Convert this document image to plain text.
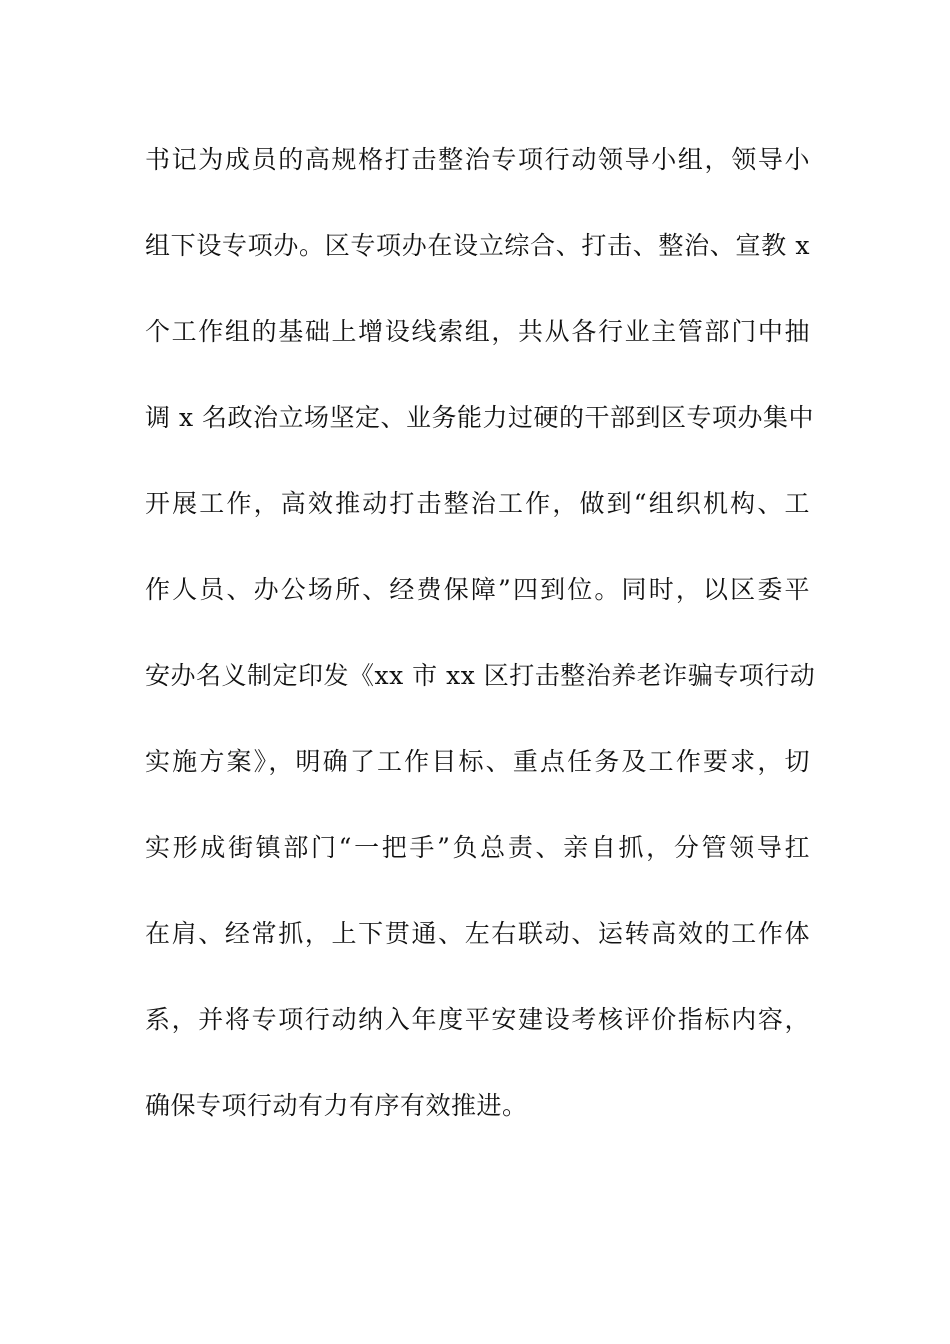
书记为成员的高规格打击整治专项行动领导小组，领导小
组下设专项办。区专项办在设立综合、打击、整治、宣教 x
个工作组的基础上增设线索组，共从各行业主管部门中抽
调 x 名政治立场坚定、业务能力过硬的干部到区专项办集中
开展工作，高效推动打击整治工作，做到“组织机构、工
作人员、办公场所、经费保障”四到位。同时，以区委平
安办名义制定印发《xx 市 xx 区打击整治养老诈骗专项行动
实施方案》，明确了工作目标、重点任务及工作要求，切
实形成街镇部门“一把手”负总责、亲自抓，分管领导扛
在肩、经常抓，上下贯通、左右联动、运转高效的工作体
系，并将专项行动纳入年度平安建设考核评价指标内容，
确保专项行动有力有序有效推进。
